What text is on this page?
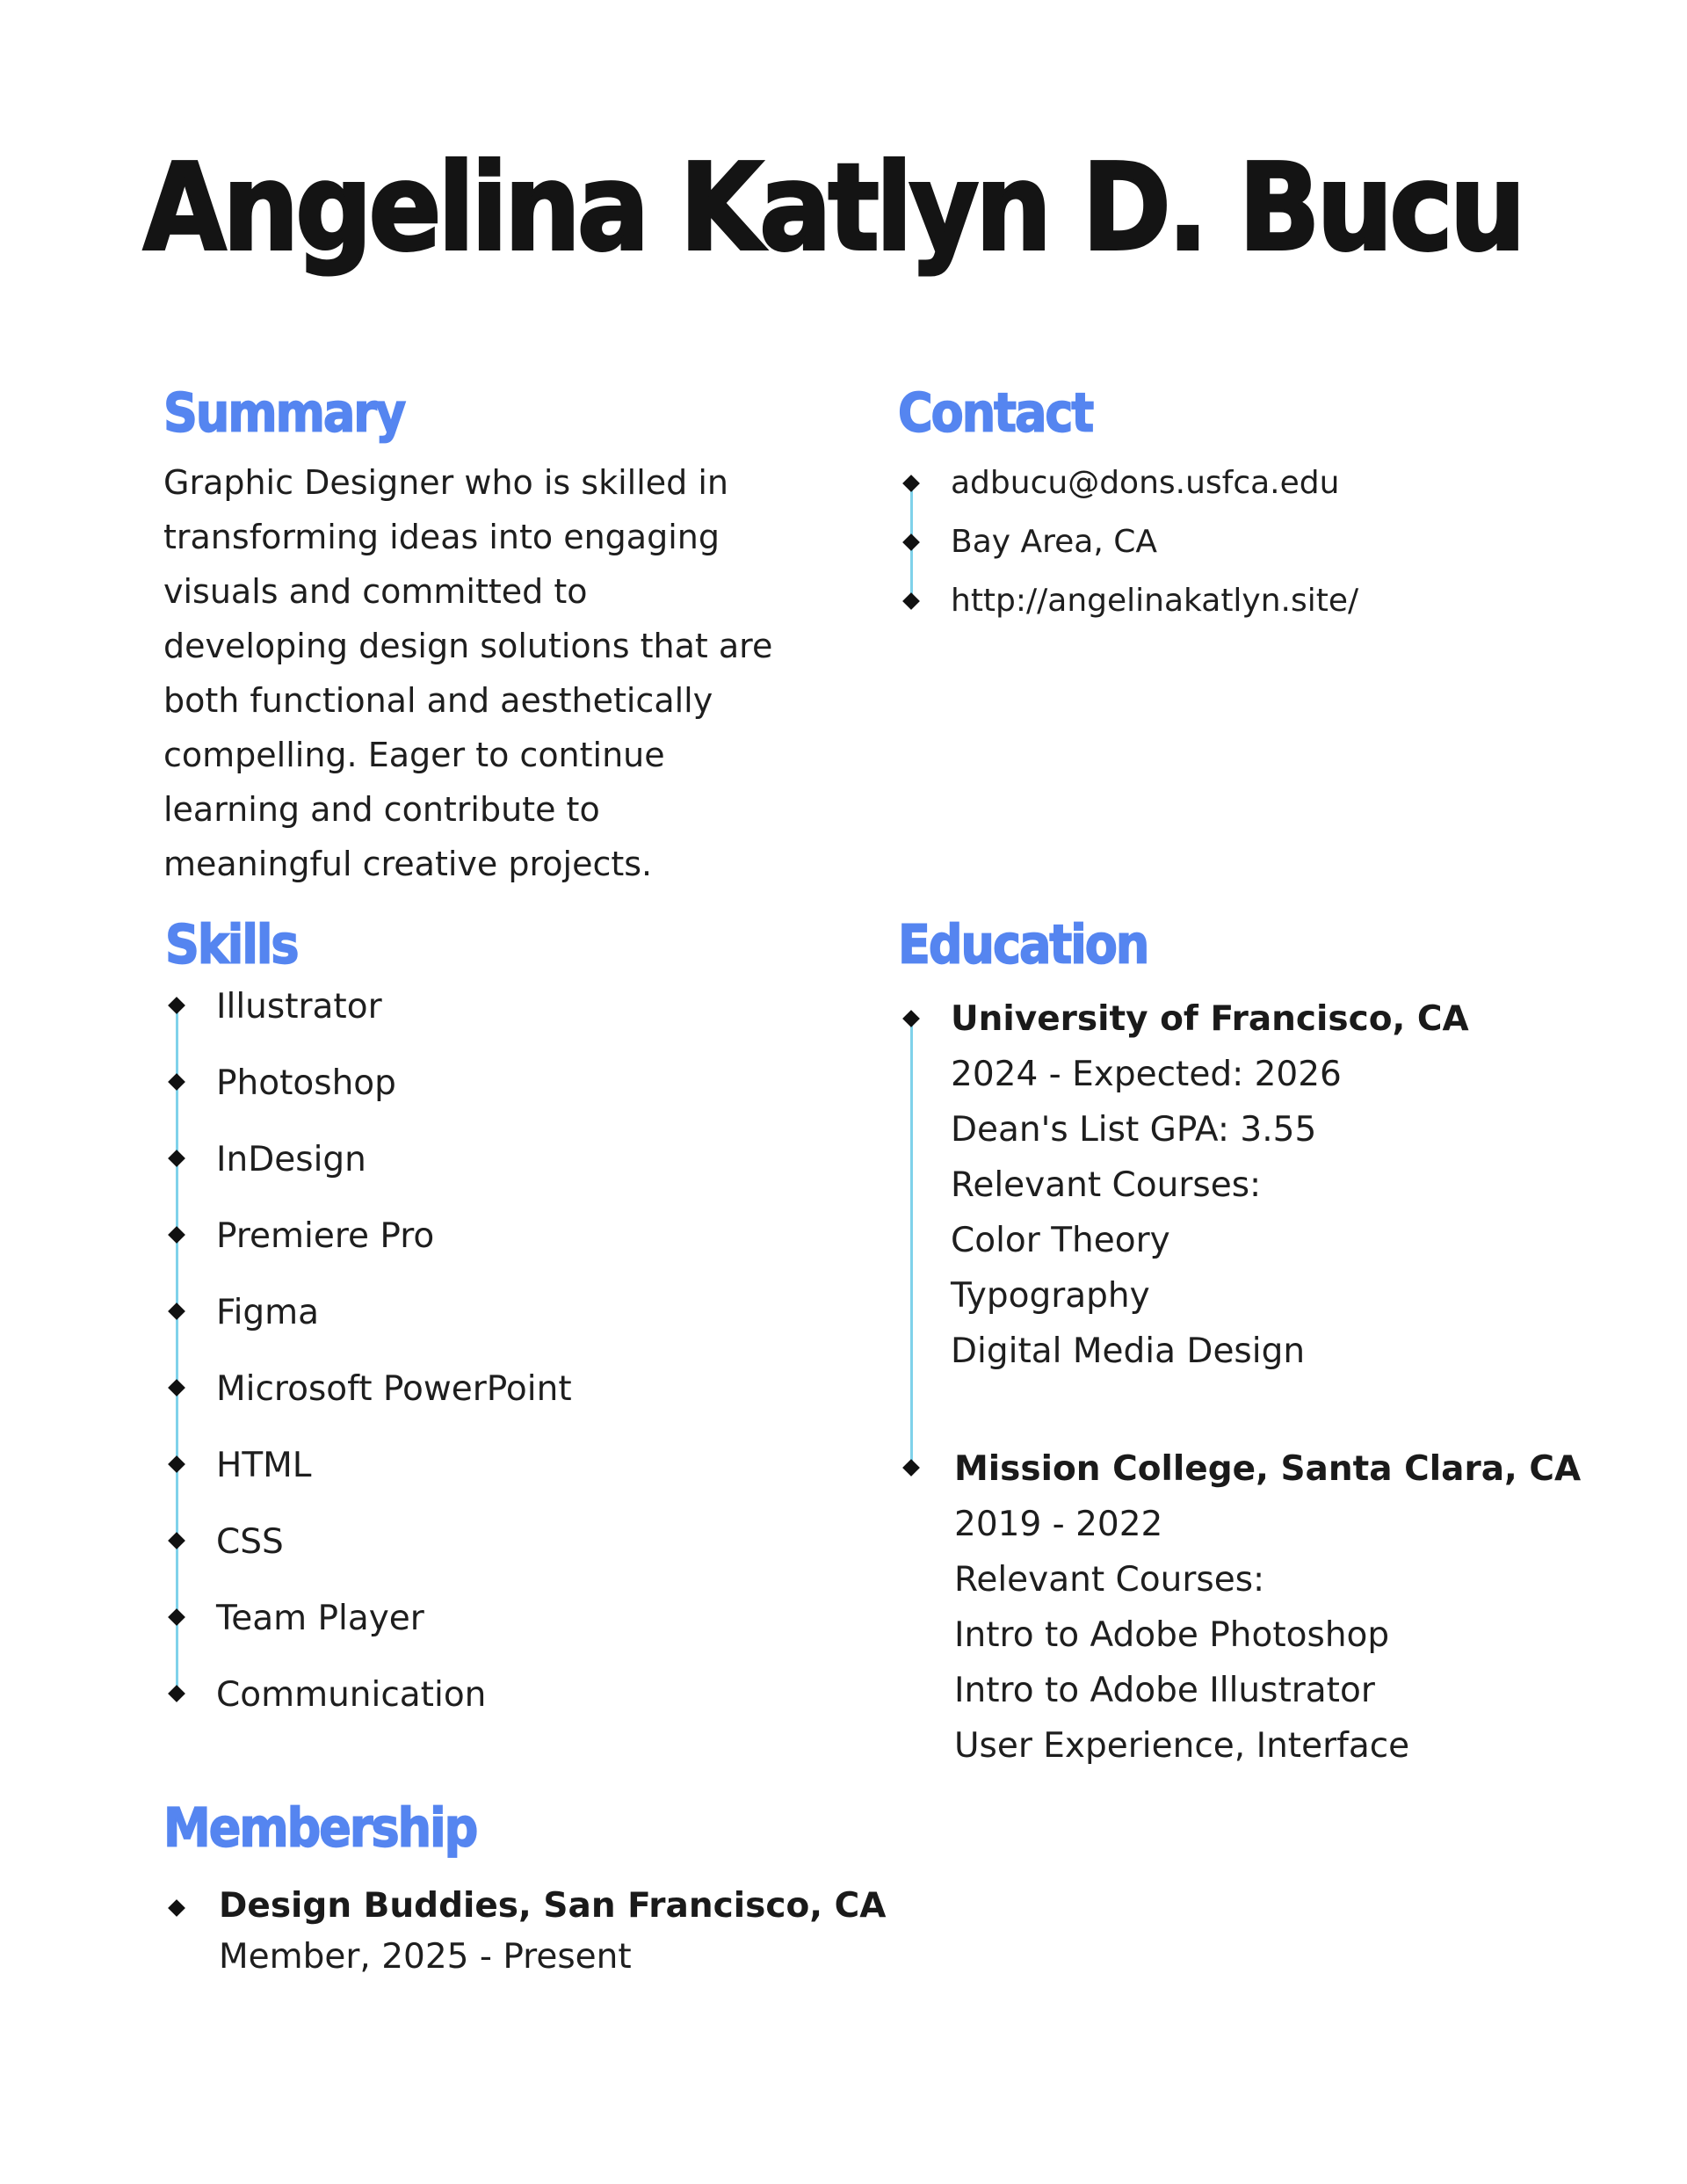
Angelina Katlyn D. Bucu
Summary

Graphic Designer who is skilled in transforming ideas into engaging visuals and committed to developing design solutions that are both functional and aesthetically compelling. Eager to continue learning and contribute to meaningful creative projects.

Contact
adbucu@dons.usfca.edu
Bay Area, CA
http://angelinakatlyn.site/
Skills
Illustrator
Photoshop
InDesign
Premiere Pro
Figma
Microsoft PowerPoint
HTML
CSS
Team Player
Communication
Education
University of Francisco, CA
2024 - Expected: 2026
Dean's List GPA: 3.55
Relevant Courses:
Color Theory
Typography
Digital Media Design
Mission College, Santa Clara, CA
2019 - 2022
Relevant Courses:
Intro to Adobe Photoshop
Intro to Adobe Illustrator
User Experience, Interface
Membership
Design Buddies, San Francisco, CA
Member, 2025 - Present
